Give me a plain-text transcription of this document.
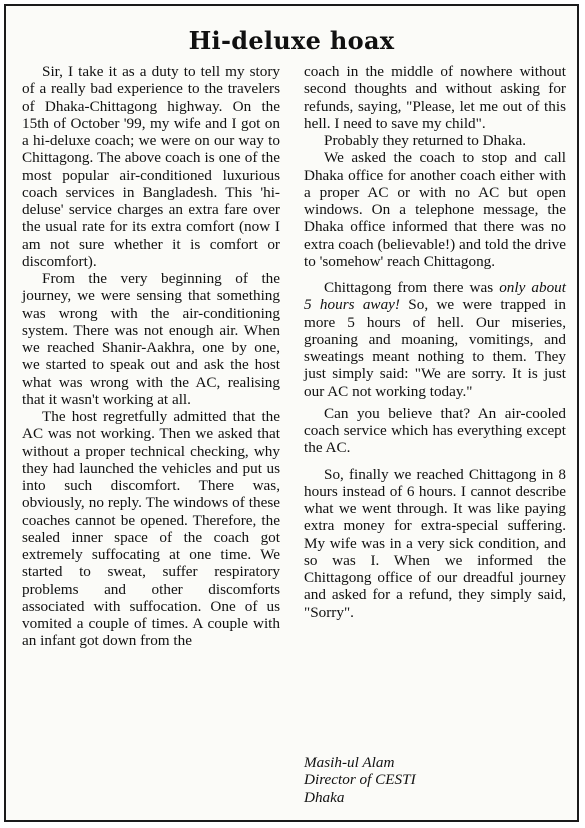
Hi-deluxe hoax

Sir, I take it as a duty to tell my story of a really bad experience to the travelers of Dhaka-Chittagong highway. On the 15th of October '99, my wife and I got on a hi-deluxe coach; we were on our way to Chittagong. The above coach is one of the most popular air-conditioned luxurious coach services in Bangladesh. This 'hi-deluse' service charges an extra fare over the usual rate for its extra comfort (now I am not sure whether it is comfort or discomfort).

From the very beginning of the journey, we were sensing that something was wrong with the air-conditioning system. There was not enough air. When we reached Shanir-Aakhra, one by one, we started to speak out and ask the host what was wrong with the AC, realising that it wasn't working at all.

The host regretfully admitted that the AC was not working. Then we asked that without a proper technical checking, why they had launched the vehicles and put us into such discomfort. There was, obviously, no reply. The windows of these coaches cannot be opened. Therefore, the sealed inner space of the coach got extremely suffocating at one time. We started to sweat, suffer respiratory problems and other discomforts associated with suffocation. One of us vomited a couple of times. A couple with an infant got down from the

coach in the middle of nowhere without second thoughts and without asking for refunds, saying, "Please, let me out of this hell. I need to save my child".

Probably they returned to Dhaka.

We asked the coach to stop and call Dhaka office for another coach either with a proper AC or with no AC but open windows. On a telephone message, the Dhaka office informed that there was no extra coach (believable!) and told the drive to 'somehow' reach Chittagong.

Chittagong from there was only about 5 hours away! So, we were trapped in more 5 hours of hell. Our miseries, groaning and moaning, vomitings, and sweatings meant nothing to them. They just simply said: "We are sorry. It is just our AC not working today."

Can you believe that? An air-cooled coach service which has everything except the AC.

So, finally we reached Chittagong in 8 hours instead of 6 hours. I cannot describe what we went through. It was like paying extra money for extra-special suffering. My wife was in a very sick condition, and so was I. When we informed the Chittagong office of our dreadful journey and asked for a refund, they simply said, "Sorry".

Masih-ul Alam
Director of CESTI
Dhaka
